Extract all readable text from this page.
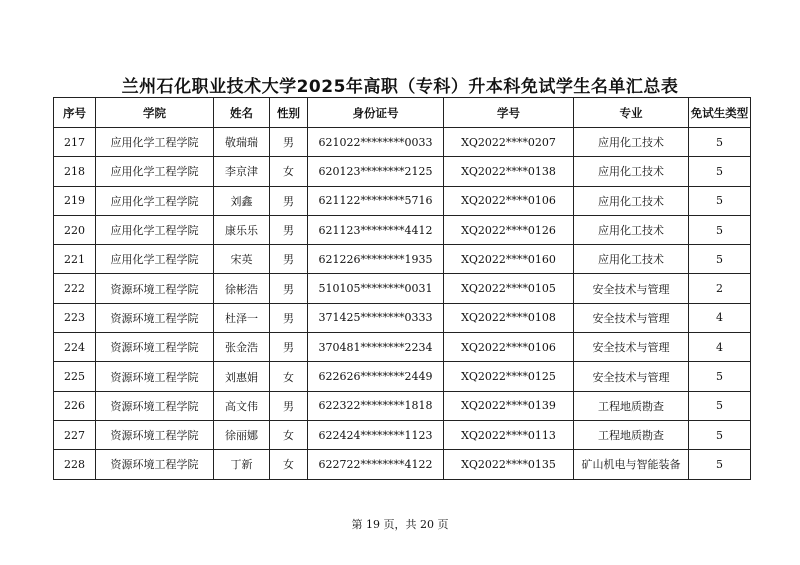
兰州石化职业技术大学2025年高职（专科）升本科免试学生名单汇总表
序号	学院	姓名	性别	身份证号	学号	专业	免试生类型
217	应用化学工程学院	敬瑞瑞	男	621022********0033	XQ2022****0207	应用化工技术	5
218	应用化学工程学院	李京津	女	620123********2125	XQ2022****0138	应用化工技术	5
219	应用化学工程学院	刘鑫	男	621122********5716	XQ2022****0106	应用化工技术	5
220	应用化学工程学院	康乐乐	男	621123********4412	XQ2022****0126	应用化工技术	5
221	应用化学工程学院	宋英	男	621226********1935	XQ2022****0160	应用化工技术	5
222	资源环境工程学院	徐彬浩	男	510105********0031	XQ2022****0105	安全技术与管理	2
223	资源环境工程学院	杜泽一	男	371425********0333	XQ2022****0108	安全技术与管理	4
224	资源环境工程学院	张金浩	男	370481********2234	XQ2022****0106	安全技术与管理	4
225	资源环境工程学院	刘惠娟	女	622626********2449	XQ2022****0125	安全技术与管理	5
226	资源环境工程学院	高文伟	男	622322********1818	XQ2022****0139	工程地质勘查	5
227	资源环境工程学院	徐丽娜	女	622424********1123	XQ2022****0113	工程地质勘查	5
228	资源环境工程学院	丁新	女	622722********4122	XQ2022****0135	矿山机电与智能装备	5
第 19 页，共 20 页
